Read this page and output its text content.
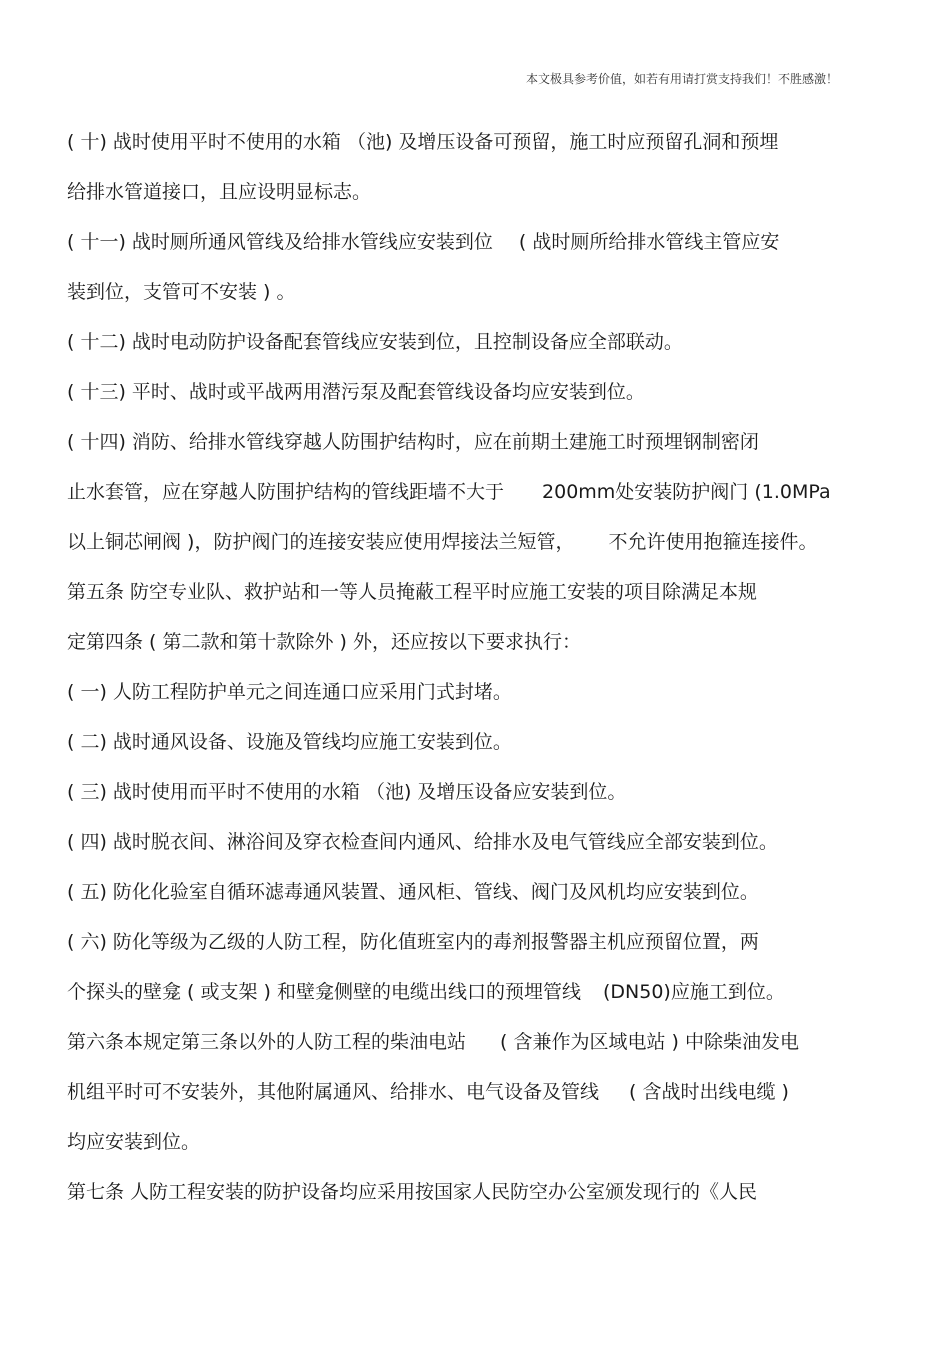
本文极具参考价值，如若有用请打赏支持我们！不胜感激！
( 十) 战时使用平时不使用的水箱 （池) 及增压设备可预留，施工时应预留孔洞和预埋
给排水管道接口，且应设明显标志。
( 十一) 战时厕所通风管线及给排水管线应安装到位 ( 战时厕所给排水管线主管应安
装到位，支管可不安装 ) 。
( 十二) 战时电动防护设备配套管线应安装到位，且控制设备应全部联动。
( 十三) 平时、战时或平战两用潜污泵及配套管线设备均应安装到位。
( 十四) 消防、给排水管线穿越人防围护结构时，应在前期土建施工时预埋钢制密闭
止水套管，应在穿越人防围护结构的管线距墙不大于 200mm处安装防护阀门 (1.0MPa
以上铜芯闸阀 )，防护阀门的连接安装应使用焊接法兰短管， 不允许使用抱箍连接件。
第五条 防空专业队、救护站和一等人员掩蔽工程平时应施工安装的项目除满足本规
定第四条 ( 第二款和第十款除外 ) 外，还应按以下要求执行：
( 一) 人防工程防护单元之间连通口应采用门式封堵。
( 二) 战时通风设备、设施及管线均应施工安装到位。
( 三) 战时使用而平时不使用的水箱 （池) 及增压设备应安装到位。
( 四) 战时脱衣间、淋浴间及穿衣检查间内通风、给排水及电气管线应全部安装到位。
( 五) 防化化验室自循环滤毒通风装置、通风柜、管线、阀门及风机均应安装到位。
( 六) 防化等级为乙级的人防工程，防化值班室内的毒剂报警器主机应预留位置，两
个探头的壁龛 ( 或支架 ) 和壁龛侧壁的电缆出线口的预埋管线 (DN50)应施工到位。
第六条本规定第三条以外的人防工程的柴油电站 ( 含兼作为区域电站 ) 中除柴油发电
机组平时可不安装外，其他附属通风、给排水、电气设备及管线 ( 含战时出线电缆 )
均应安装到位。
第七条 人防工程安装的防护设备均应采用按国家人民防空办公室颁发现行的《人民
